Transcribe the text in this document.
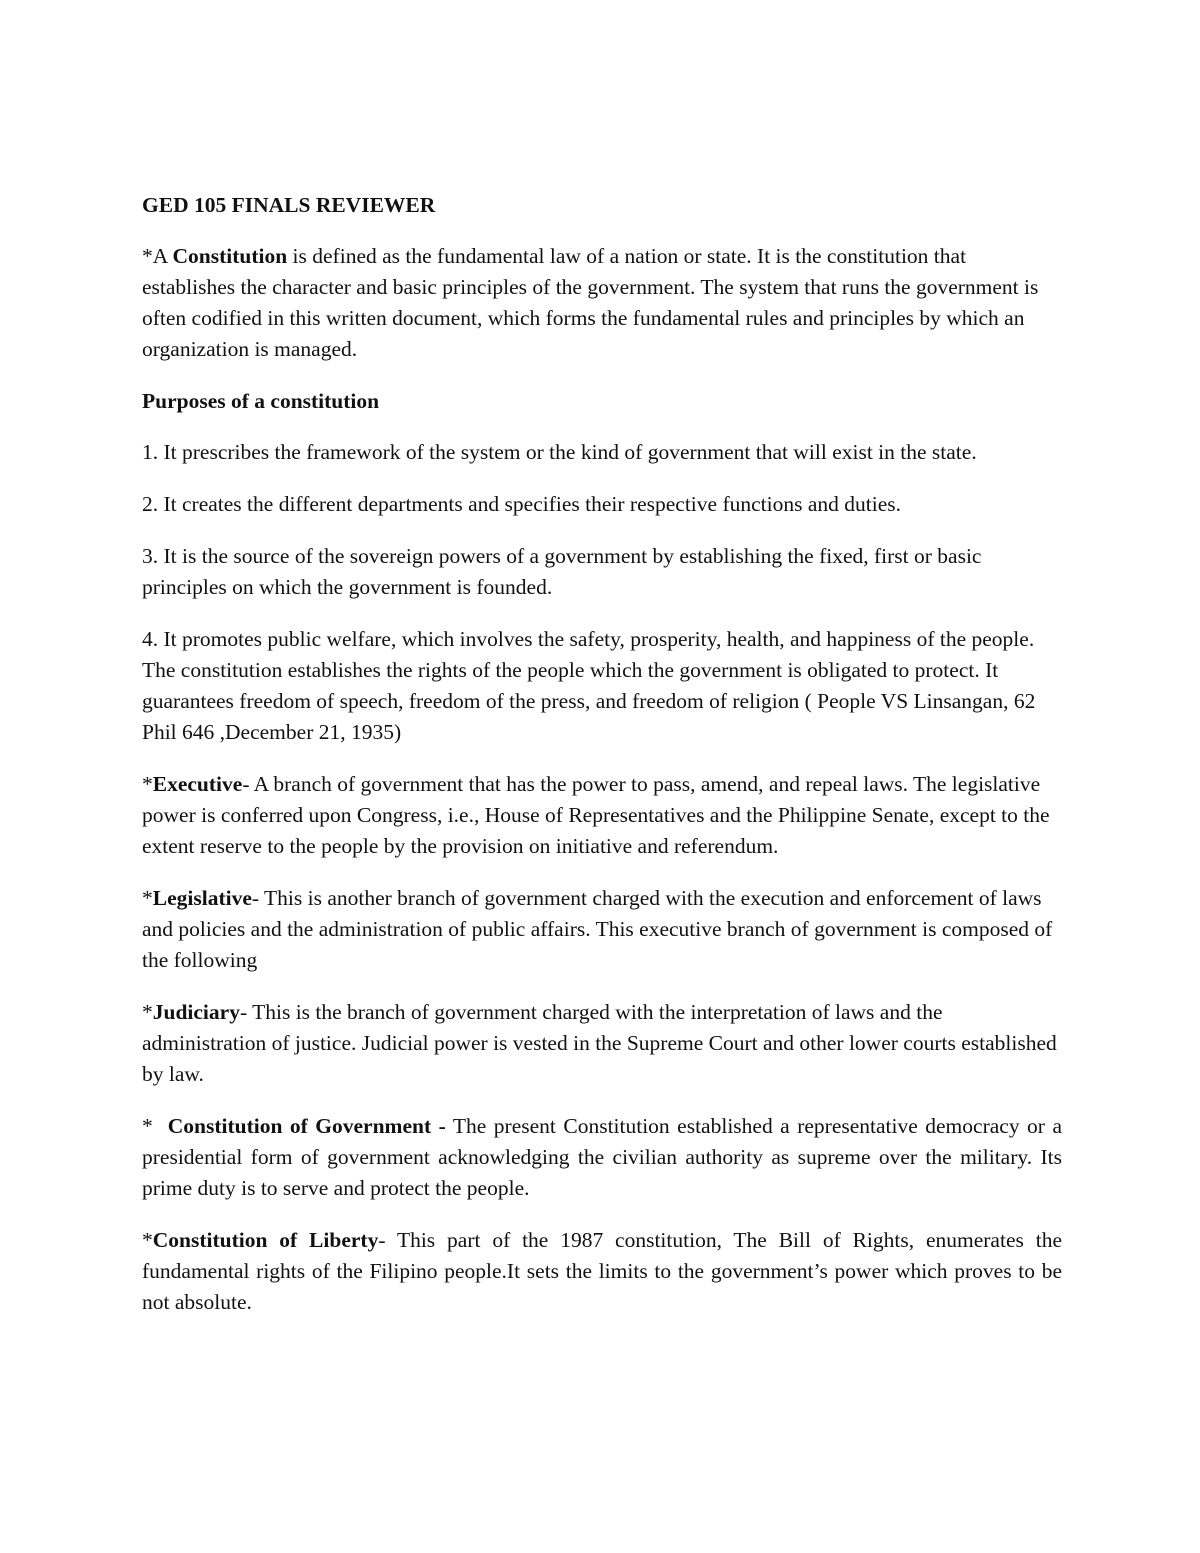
GED 105 FINALS REVIEWER

*A Constitution is defined as the fundamental law of a nation or state. It is the constitution that establishes the character and basic principles of the government. The system that runs the government is often codified in this written document, which forms the fundamental rules and principles by which an organization is managed.

Purposes of a constitution

1. It prescribes the framework of the system or the kind of government that will exist in the state.

2. It creates the different departments and specifies their respective functions and duties.

3. It is the source of the sovereign powers of a government by establishing the fixed, first or basic principles on which the government is founded.

4. It promotes public welfare, which involves the safety, prosperity, health, and happiness of the people. The constitution establishes the rights of the people which the government is obligated to protect. It guarantees freedom of speech, freedom of the press, and freedom of religion ( People VS Linsangan, 62 Phil 646 ,December 21, 1935)

*Executive- A branch of government that has the power to pass, amend, and repeal laws. The legislative power is conferred upon Congress, i.e., House of Representatives and the Philippine Senate, except to the extent reserve to the people by the provision on initiative and referendum.

*Legislative- This is another branch of government charged with the execution and enforcement of laws and policies and the administration of public affairs. This executive branch of government is composed of the following

*Judiciary- This is the branch of government charged with the interpretation of laws and the administration of justice. Judicial power is vested in the Supreme Court and other lower courts established by law.

*  Constitution of Government - The present Constitution established a representative democracy or a presidential form of government acknowledging the civilian authority as supreme over the military. Its prime duty is to serve and protect the people.

*Constitution of Liberty- This part of the 1987 constitution, The Bill of Rights, enumerates the fundamental rights of the Filipino people.It sets the limits to the government’s power which proves to be not absolute.
